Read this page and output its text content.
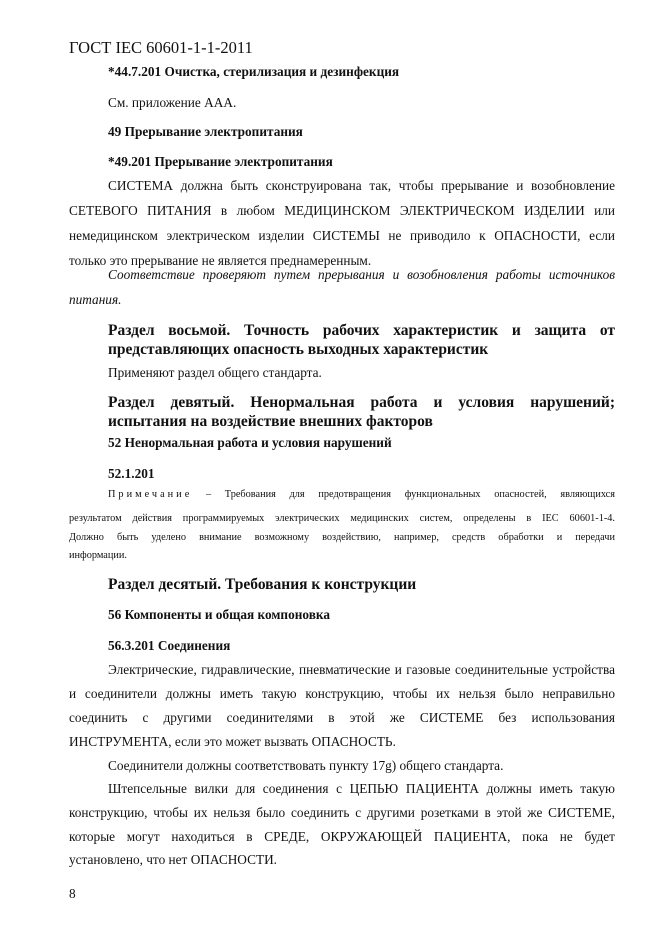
ГОСТ IEC 60601-1-1-2011
*44.7.201 Очистка, стерилизация и дезинфекция
См. приложение ААА.
49 Прерывание электропитания
*49.201 Прерывание электропитания
СИСТЕМА должна быть сконструирована так, чтобы прерывание и возобновление
СЕТЕВОГО ПИТАНИЯ в любом МЕДИЦИНСКОМ ЭЛЕКТРИЧЕСКОМ ИЗДЕЛИИ или
немедицинском электрическом изделии СИСТЕМЫ не приводило к ОПАСНОСТИ, если
только это прерывание не является преднамеренным.
Соответствие проверяют путем прерывания и возобновления работы источников
питания.
Раздел восьмой. Точность рабочих характеристик и защита от
представляющих опасность выходных характеристик
Применяют раздел общего стандарта.
Раздел девятый. Ненормальная работа и условия нарушений;
испытания на воздействие внешних факторов
52 Ненормальная работа и условия нарушений
52.1.201
Примечание – Требования для предотвращения функциональных опасностей, являющихся
результатом действия программируемых электрических медицинских систем, определены в IEC 60601-1-4.
Должно быть уделено внимание возможному воздействию, например, средств обработки и передачи
информации.
Раздел десятый. Требования к конструкции
56 Компоненты и общая компоновка
56.3.201 Соединения
Электрические, гидравлические, пневматические и газовые соединительные устройства
и соединители должны иметь такую конструкцию, чтобы их нельзя было неправильно
соединить с другими соединителями в этой же СИСТЕМЕ без использования
ИНСТРУМЕНТА, если это может вызвать ОПАСНОСТЬ.
Соединители должны соответствовать пункту 17g) общего стандарта.
Штепсельные вилки для соединения с ЦЕПЬЮ ПАЦИЕНТА должны иметь такую
конструкцию, чтобы их нельзя было соединить с другими розетками в этой же СИСТЕМЕ,
которые могут находиться в СРЕДЕ, ОКРУЖАЮЩЕЙ ПАЦИЕНТА, пока не будет
установлено, что нет ОПАСНОСТИ.
8
